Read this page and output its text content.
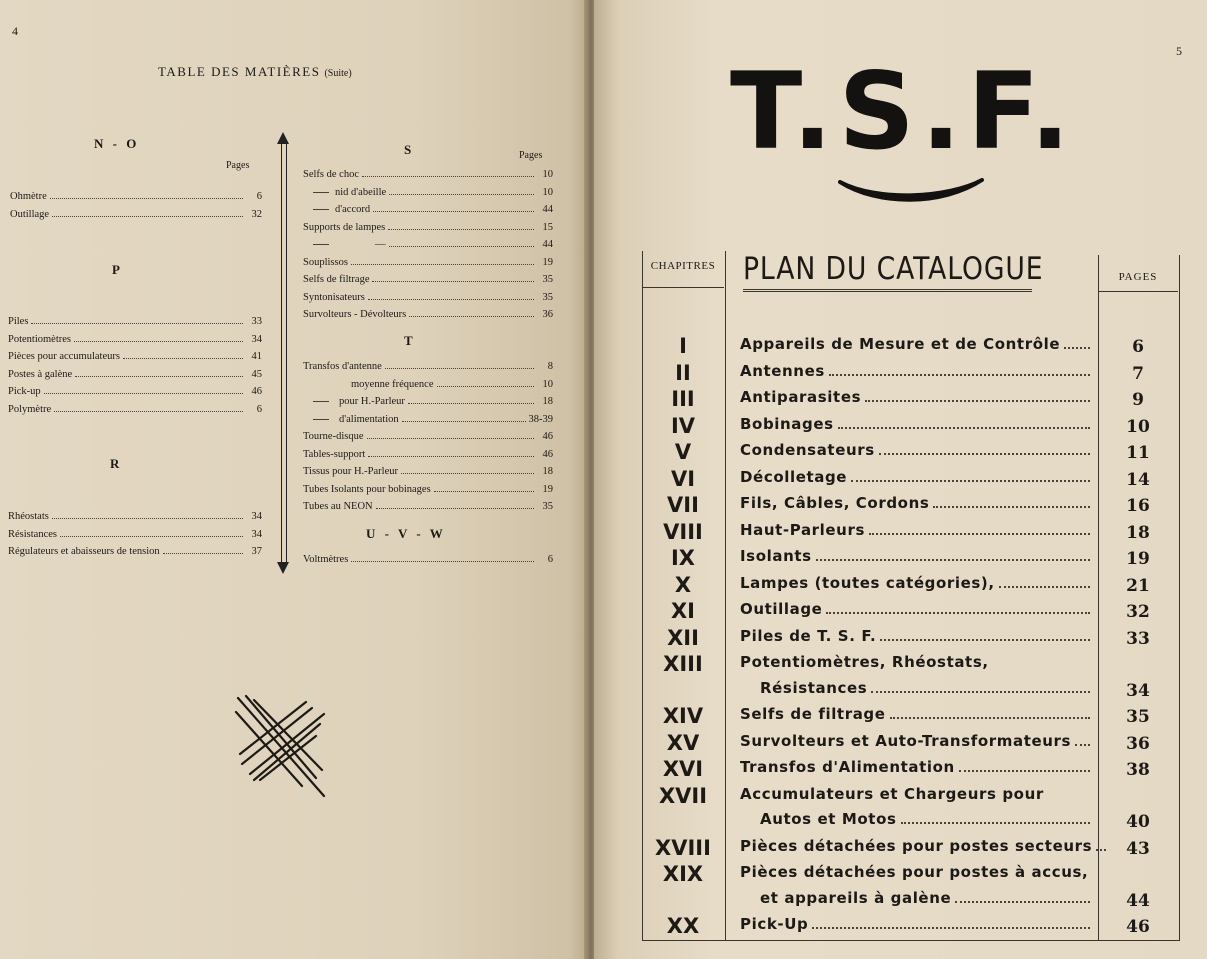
4
TABLE DES MATIÈRES (Suite)
N - O
Pages
Ohmètre	6
Outillage	32
P
Piles	33
Potentiomètres	34
Pièces pour accumulateurs	41
Postes à galène	45
Pick-up	46
Polymètre	6
R
Rhéostats	34
Résistances	34
Régulateurs et abaisseurs de tension	37
S	Pages
Selfs de choc	10
nid d'abeille	10
d'accord	44
Supports de lampes	15
—	44
Souplissos	19
Selfs de filtrage	35
Syntonisateurs	35
Survolteurs - Dévolteurs	36
T
Transfos d'antenne	8
moyenne fréquence	10
pour H.-Parleur	18
d'alimentation	38-39
Tourne-disque	46
Tables-support	46
Tissus pour H.-Parleur	18
Tubes Isolants pour bobinages	19
Tubes au NEON	35
U - V - W
Voltmètres	6
5
T.S.F.
CHAPITRES
PAGES
PLAN DU CATALOGUE
I	Appareils de Mesure et de Contrôle	6
II	Antennes	7
III	Antiparasites	9
IV	Bobinages	10
V	Condensateurs	11
VI	Décolletage	14
VII	Fils, Câbles, Cordons	16
VIII	Haut-Parleurs	18
IX	Isolants	19
X	Lampes (toutes catégories),	21
XI	Outillage	32
XII	Piles de T. S. F.	33
XIII	Potentiomètres, Rhéostats,
Résistances	34
XIV	Selfs de filtrage	35
XV	Survolteurs et Auto-Transformateurs	36
XVI	Transfos d'Alimentation	38
XVII	Accumulateurs et Chargeurs pour
Autos et Motos	40
XVIII	Pièces détachées pour postes secteurs	43
XIX	Pièces détachées pour postes à accus,
et appareils à galène	44
XX	Pick-Up	46
